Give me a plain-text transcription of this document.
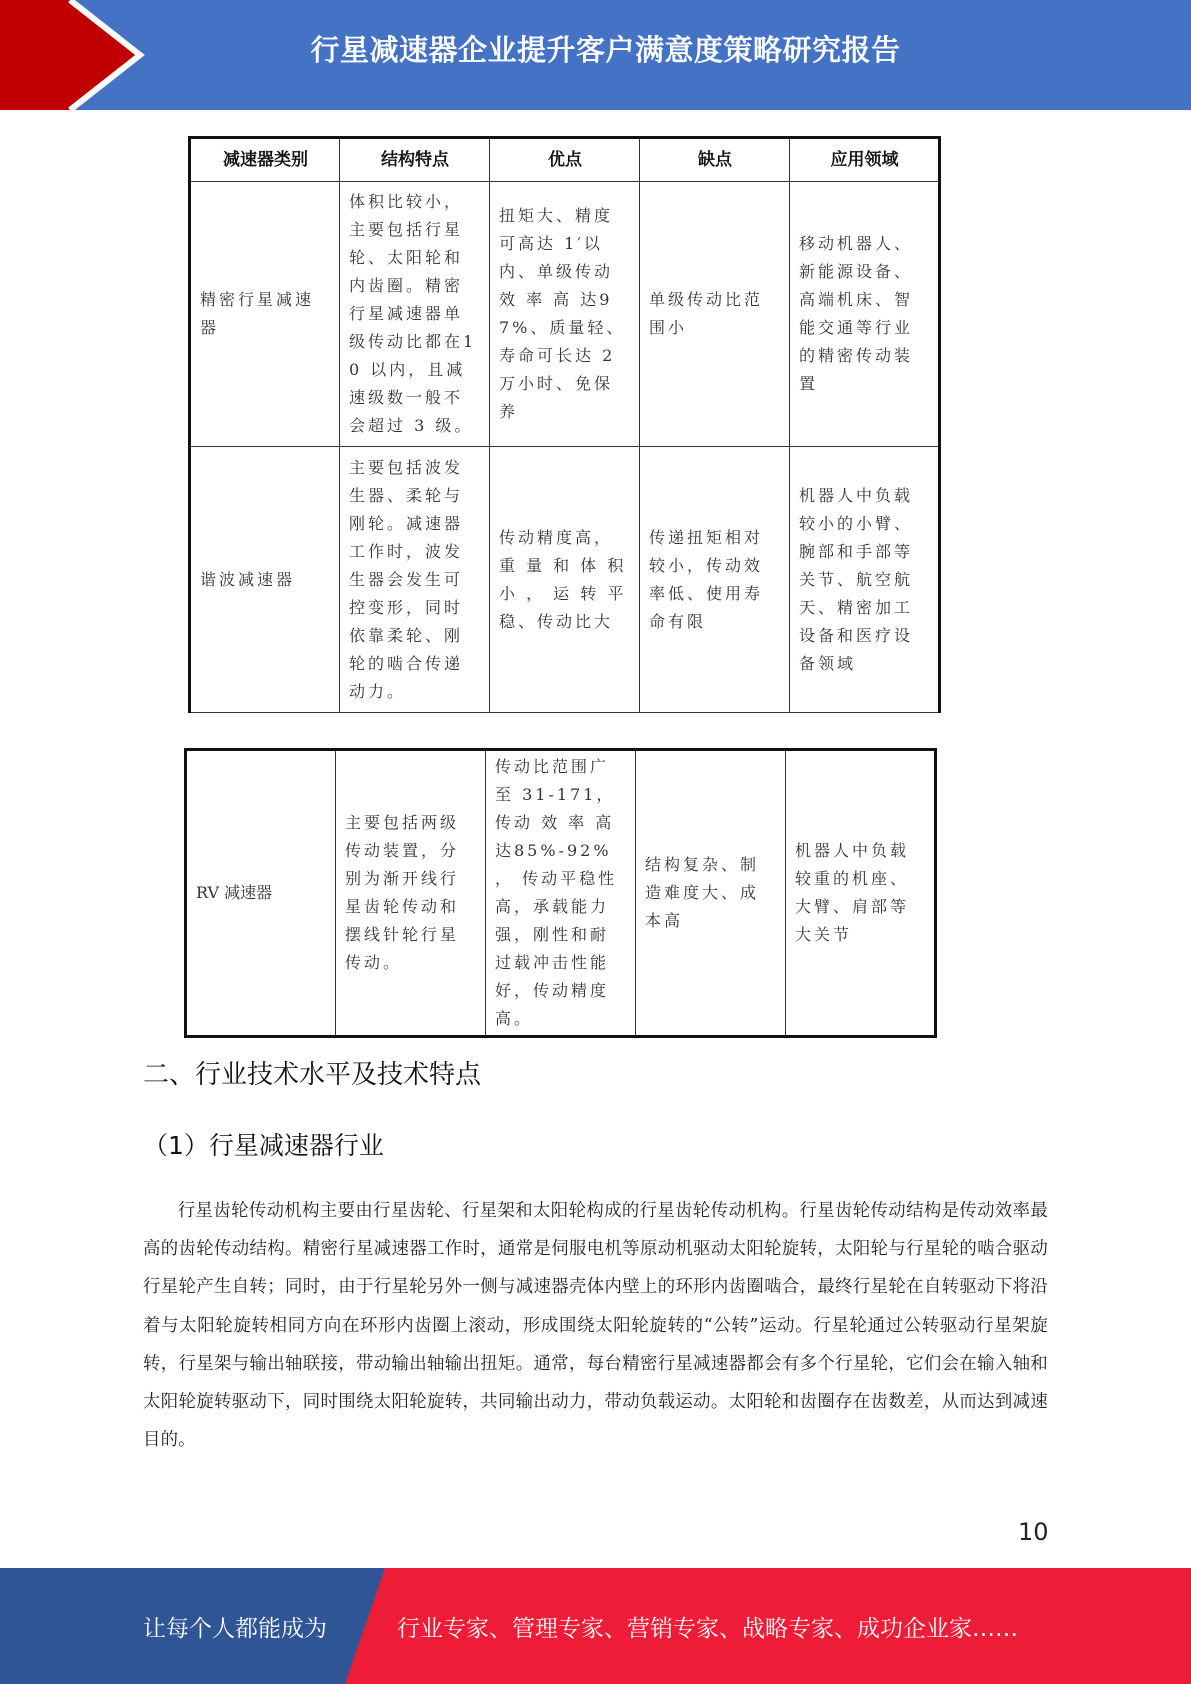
行星减速器企业提升客户满意度策略研究报告
减速器类别	结构特点	优点	缺点	应用领域
精密行星减速器	体积比较小，主要包括行星轮、太阳轮和内齿圈。精密行星减速器单级传动比都在10 以内，且减速级数一般不会超过 3 级。	扭矩大、精度可高达 1′以内、单级传动效 率 高 达97%、质量轻、寿命可长达 2 万小时、免保养	单级传动比范围小	移动机器人、新能源设备、高端机床、智能交通等行业的精密传动装置
谐波减速器	主要包括波发生器、柔轮与刚轮。减速器工作时，波发生器会发生可控变形，同时依靠柔轮、刚轮的啮合传递动力。	传动精度高，重 量 和 体 积小 ， 运 转 平稳、传动比大	传递扭矩相对较小，传动效率低、使用寿命有限	机器人中负载较小的小臂、腕部和手部等关节、航空航天、精密加工设备和医疗设备领域
RV 减速器	主要包括两级传动装置，分别为渐开线行星齿轮传动和摆线针轮行星传动。	传动比范围广至 31-171，传动 效 率 高 达85%-92% ， 传动平稳性高，承载能力强，刚性和耐过载冲击性能好，传动精度高。	结构复杂、制造难度大、成本高	机器人中负载较重的机座、大臂、肩部等大关节
二、行业技术水平及技术特点
（1）行星减速器行业

行星齿轮传动机构主要由行星齿轮、行星架和太阳轮构成的行星齿轮传动机构。行星齿轮传动结构是传动效率最高的齿轮传动结构。精密行星减速器工作时，通常是伺服电机等原动机驱动太阳轮旋转，太阳轮与行星轮的啮合驱动行星轮产生自转；同时，由于行星轮另外一侧与减速器壳体内壁上的环形内齿圈啮合，最终行星轮在自转驱动下将沿着与太阳轮旋转相同方向在环形内齿圈上滚动，形成围绕太阳轮旋转的“公转”运动。行星轮通过公转驱动行星架旋转，行星架与输出轴联接，带动输出轴输出扭矩。通常，每台精密行星减速器都会有多个行星轮，它们会在输入轴和太阳轮旋转驱动下，同时围绕太阳轮旋转，共同输出动力，带动负载运动。太阳轮和齿圈存在齿数差，从而达到减速目的。

10
让每个人都能成为	行业专家、管理专家、营销专家、战略专家、成功企业家……
